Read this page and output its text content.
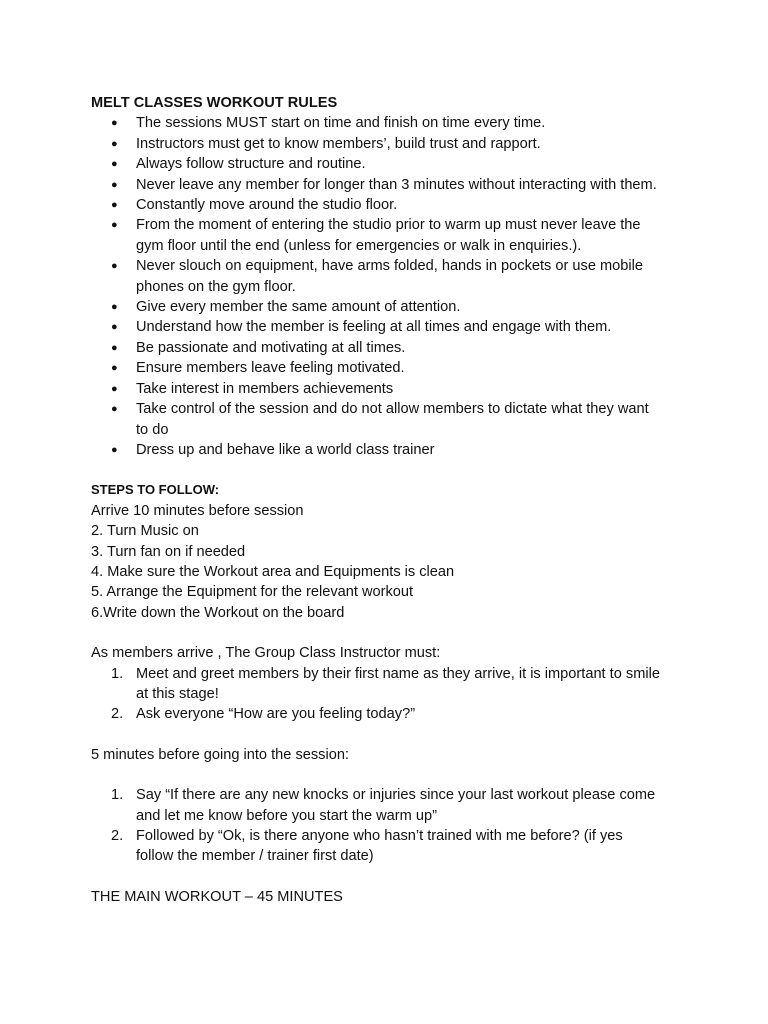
MELT CLASSES WORKOUT RULES

●	The sessions MUST start on time and finish on time every time.
●	Instructors must get to know members’, build trust and rapport.
●	Always follow structure and routine.
●	Never leave any member for longer than 3 minutes without interacting with them.
●	Constantly move around the studio floor.
●	From the moment of entering the studio prior to warm up must never leave the
gym floor until the end (unless for emergencies or walk in enquiries.).
●	Never slouch on equipment, have arms folded, hands in pockets or use mobile
phones on the gym floor.
●	Give every member the same amount of attention.
●	Understand how the member is feeling at all times and engage with them.
●	Be passionate and motivating at all times.
●	Ensure members leave feeling motivated.
●	Take interest in members achievements
●	Take control of the session and do not allow members to dictate what they want
to do
●	Dress up and behave like a world class trainer

STEPS TO FOLLOW:

Arrive 10 minutes before session

2. Turn Music on

3. Turn fan on if needed

4. Make sure the Workout area and Equipments is clean

5. Arrange the Equipment for the relevant workout

6.Write down the Workout on the board

As members arrive , The Group Class Instructor must:

1. Meet and greet members by their first name as they arrive, it is important to smile
at this stage!
2. Ask everyone “How are you feeling today?”

5 minutes before going into the session:

1. Say “If there are any new knocks or injuries since your last workout please come
and let me know before you start the warm up”
2. Followed by “Ok, is there anyone who hasn’t trained with me before? (if yes
follow the member / trainer first date)

THE MAIN WORKOUT – 45 MINUTES
